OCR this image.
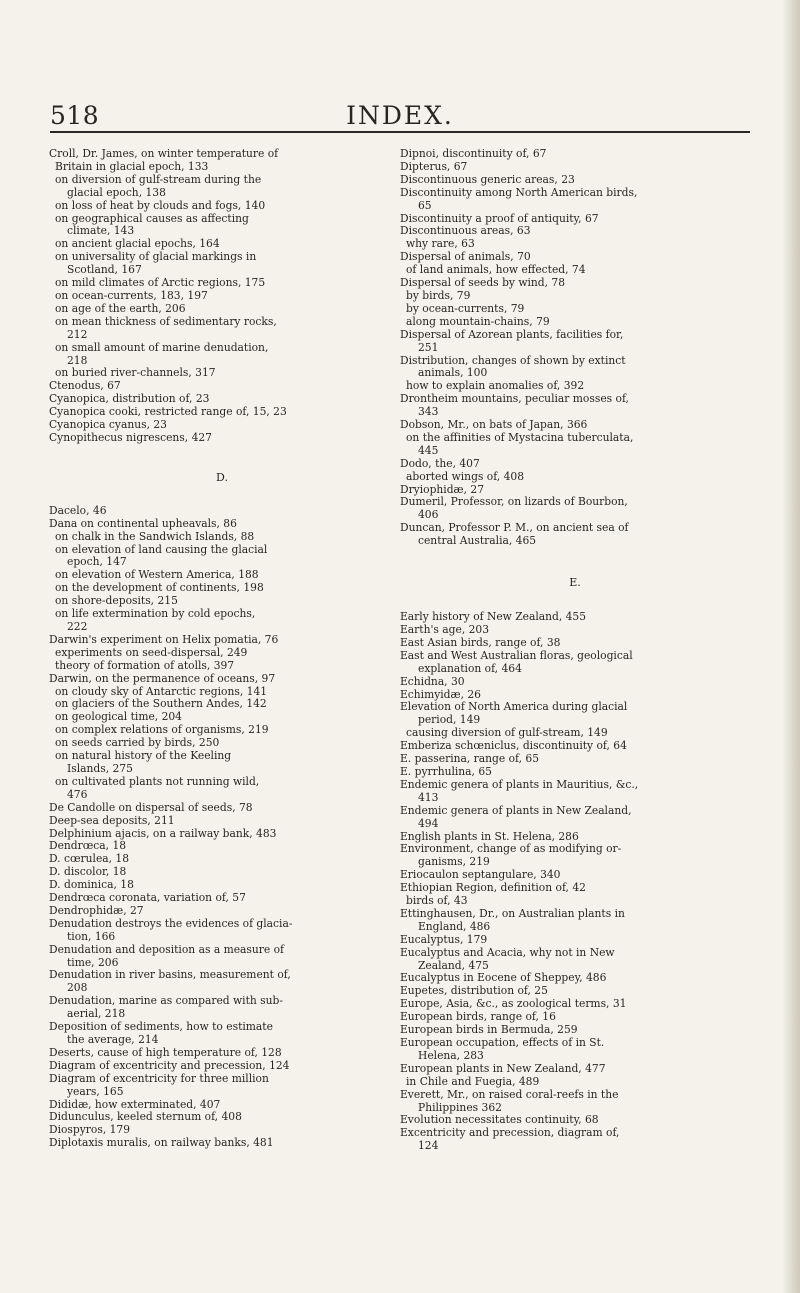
518	INDEX.
Croll, Dr. James, on winter temperature of
Britain in glacial epoch, 133
on diversion of gulf-stream during the
glacial epoch, 138
on loss of heat by clouds and fogs, 140
on geographical causes as affecting
climate, 143
on ancient glacial epochs, 164
on universality of glacial markings in
Scotland, 167
on mild climates of Arctic regions, 175
on ocean-currents, 183, 197
on age of the earth, 206
on mean thickness of sedimentary rocks,
212
on small amount of marine denudation,
218
on buried river-channels, 317
Ctenodus, 67
Cyanopica, distribution of, 23
Cyanopica cooki, restricted range of, 15, 23
Cyanopica cyanus, 23
Cynopithecus nigrescens, 427
D.
Dacelo, 46
Dana on continental upheavals, 86
on chalk in the Sandwich Islands, 88
on elevation of land causing the glacial
epoch, 147
on elevation of Western America, 188
on the development of continents, 198
on shore-deposits, 215
on life extermination by cold epochs,
222
Darwin's experiment on Helix pomatia, 76
experiments on seed-dispersal, 249
theory of formation of atolls, 397
Darwin, on the permanence of oceans, 97
on cloudy sky of Antarctic regions, 141
on glaciers of the Southern Andes, 142
on geological time, 204
on complex relations of organisms, 219
on seeds carried by birds, 250
on natural history of the Keeling
Islands, 275
on cultivated plants not running wild,
476
De Candolle on dispersal of seeds, 78
Deep-sea deposits, 211
Delphinium ajacis, on a railway bank, 483
Dendrœca, 18
D. cœrulea, 18
D. discolor, 18
D. dominica, 18
Dendrœca coronata, variation of, 57
Dendrophidæ, 27
Denudation destroys the evidences of glacia-
tion, 166
Denudation and deposition as a measure of
time, 206
Denudation in river basins, measurement of,
208
Denudation, marine as compared with sub-
aerial, 218
Deposition of sediments, how to estimate
the average, 214
Deserts, cause of high temperature of, 128
Diagram of excentricity and precession, 124
Diagram of excentricity for three million
years, 165
Dididæ, how exterminated, 407
Didunculus, keeled sternum of, 408
Diospyros, 179
Diplotaxis muralis, on railway banks, 481
Dipnoi, discontinuity of, 67
Dipterus, 67
Discontinuous generic areas, 23
Discontinuity among North American birds,
65
Discontinuity a proof of antiquity, 67
Discontinuous areas, 63
why rare, 63
Dispersal of animals, 70
of land animals, how effected, 74
Dispersal of seeds by wind, 78
by birds, 79
by ocean-currents, 79
along mountain-chains, 79
Dispersal of Azorean plants, facilities for,
251
Distribution, changes of shown by extinct
animals, 100
how to explain anomalies of, 392
Drontheim mountains, peculiar mosses of,
343
Dobson, Mr., on bats of Japan, 366
on the affinities of Mystacina tuberculata,
445
Dodo, the, 407
aborted wings of, 408
Dryiophidæ, 27
Dumeril, Professor, on lizards of Bourbon,
406
Duncan, Professor P. M., on ancient sea of
central Australia, 465
E.
Early history of New Zealand, 455
Earth's age, 203
East Asian birds, range of, 38
East and West Australian floras, geological
explanation of, 464
Echidna, 30
Echimyidæ, 26
Elevation of North America during glacial
period, 149
causing diversion of gulf-stream, 149
Emberiza schœniclus, discontinuity of, 64
E. passerina, range of, 65
E. pyrrhulina, 65
Endemic genera of plants in Mauritius, &c.,
413
Endemic genera of plants in New Zealand,
494
English plants in St. Helena, 286
Environment, change of as modifying or-
ganisms, 219
Eriocaulon septangulare, 340
Ethiopian Region, definition of, 42
birds of, 43
Ettinghausen, Dr., on Australian plants in
England, 486
Eucalyptus, 179
Eucalyptus and Acacia, why not in New
Zealand, 475
Eucalyptus in Eocene of Sheppey, 486
Eupetes, distribution of, 25
Europe, Asia, &c., as zoological terms, 31
European birds, range of, 16
European birds in Bermuda, 259
European occupation, effects of in St.
Helena, 283
European plants in New Zealand, 477
in Chile and Fuegia, 489
Everett, Mr., on raised coral-reefs in the
Philippines 362
Evolution necessitates continuity, 68
Excentricity and precession, diagram of,
124
